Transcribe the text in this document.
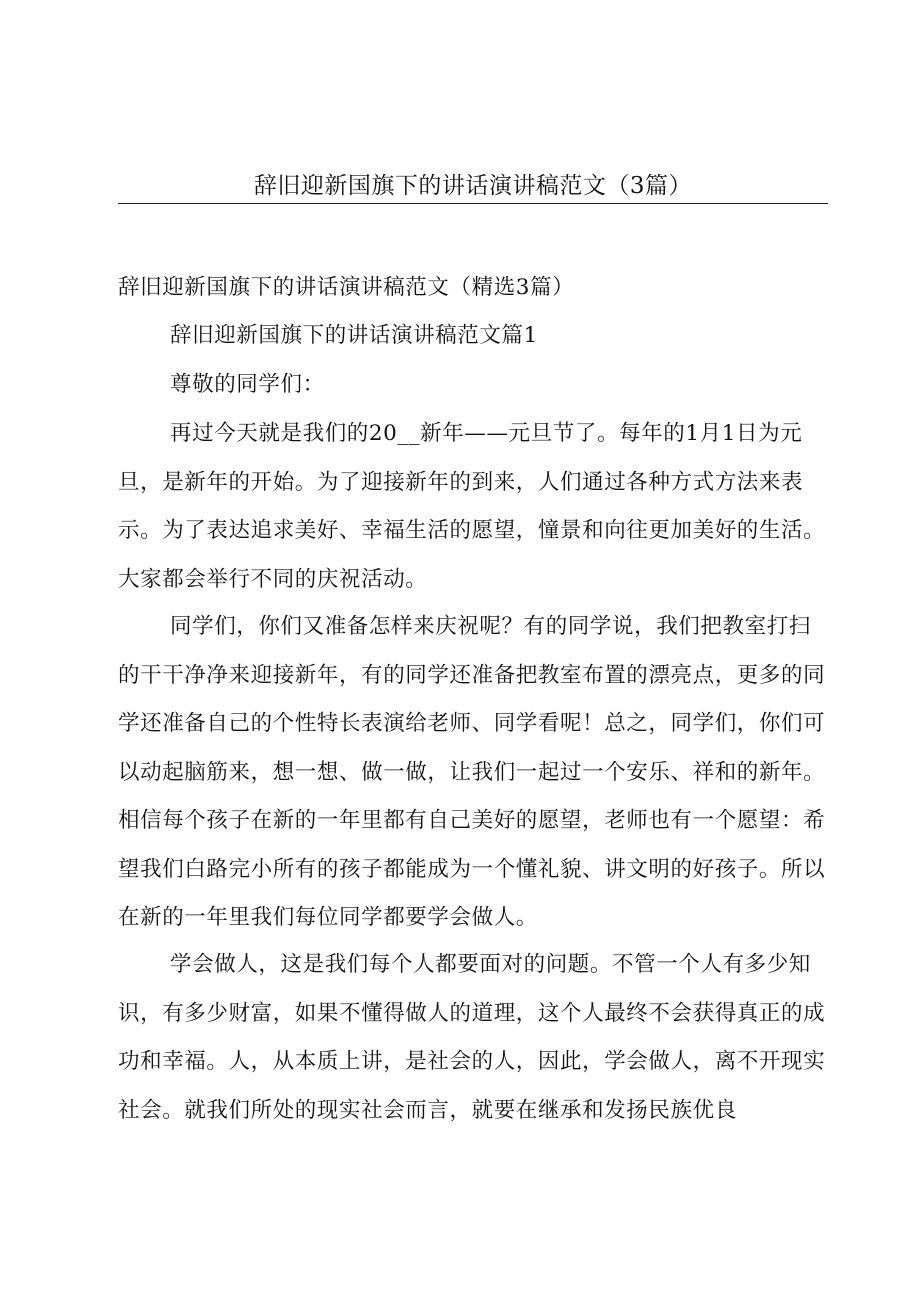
辞旧迎新国旗下的讲话演讲稿范文（3篇）
辞旧迎新国旗下的讲话演讲稿范文（精选3篇）
辞旧迎新国旗下的讲话演讲稿范文篇1
尊敬的同学们：

再过今天就是我们的20__新年——元旦节了。每年的1月1日为元旦，是新年的开始。为了迎接新年的到来，人们通过各种方式方法来表示。为了表达追求美好、幸福生活的愿望，憧景和向往更加美好的生活。大家都会举行不同的庆祝活动。

同学们，你们又准备怎样来庆祝呢？有的同学说，我们把教室打扫的干干净净来迎接新年，有的同学还准备把教室布置的漂亮点，更多的同学还准备自己的个性特长表演给老师、同学看呢！总之，同学们，你们可以动起脑筋来，想一想、做一做，让我们一起过一个安乐、祥和的新年。相信每个孩子在新的一年里都有自己美好的愿望，老师也有一个愿望：希望我们白路完小所有的孩子都能成为一个懂礼貌、讲文明的好孩子。所以在新的一年里我们每位同学都要学会做人。

学会做人，这是我们每个人都要面对的问题。不管一个人有多少知识，有多少财富，如果不懂得做人的道理，这个人最终不会获得真正的成功和幸福。人，从本质上讲，是社会的人，因此，学会做人，离不开现实社会。就我们所处的现实社会而言，就要在继承和发扬民族优良
